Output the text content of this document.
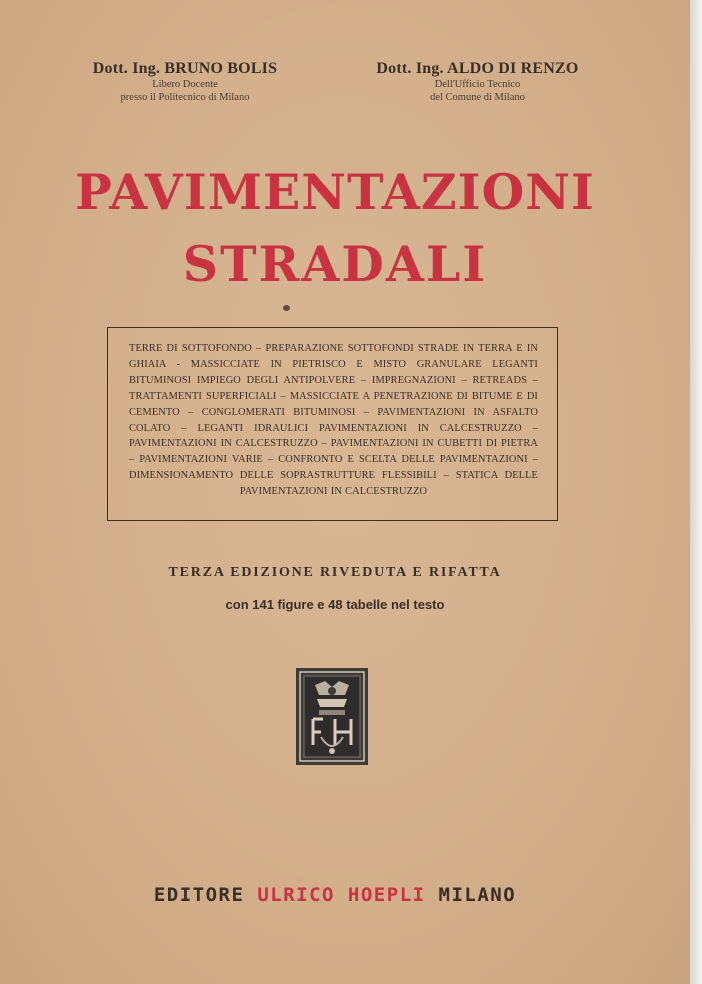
Dott. Ing. BRUNO BOLIS
Libero Docente
presso il Politecnico di Milano
Dott. Ing. ALDO DI RENZO
Dell'Ufficio Tecnico
del Comune di Milano
PAVIMENTAZIONI
STRADALI
TERRE DI SOTTOFONDO – PREPARAZIONE SOTTOFONDI STRADE IN TERRA E IN GHIAIA - MASSICCIATE IN PIETRISCO E MISTO GRANULARE LEGANTI BITUMINOSI IMPIEGO DEGLI ANTIPOLVERE – IMPREGNAZIONI – RETREADS – TRATTAMENTI SUPERFICIALI – MASSICCIATE A PENETRAZIONE DI BITUME E DI CEMENTO – CONGLOMERATI BITUMINOSI – PAVIMENTAZIONI IN ASFALTO COLATO – LEGANTI IDRAULICI PAVIMENTAZIONI IN CALCESTRUZZO – PAVIMENTAZIONI IN CALCESTRUZZO – PAVIMENTAZIONI IN CUBETTI DI PIETRA – PAVIMENTAZIONI VARIE – CONFRONTO E SCELTA DELLE PAVIMENTAZIONI – DIMENSIONAMENTO DELLE SOPRASTRUTTURE FLESSIBILI – STATICA DELLE PAVIMENTAZIONI IN CALCESTRUZZO
TERZA EDIZIONE RIVEDUTA E RIFATTA
con 141 figure e 48 tabelle nel testo
EDITORE ULRICO HOEPLI MILANO
